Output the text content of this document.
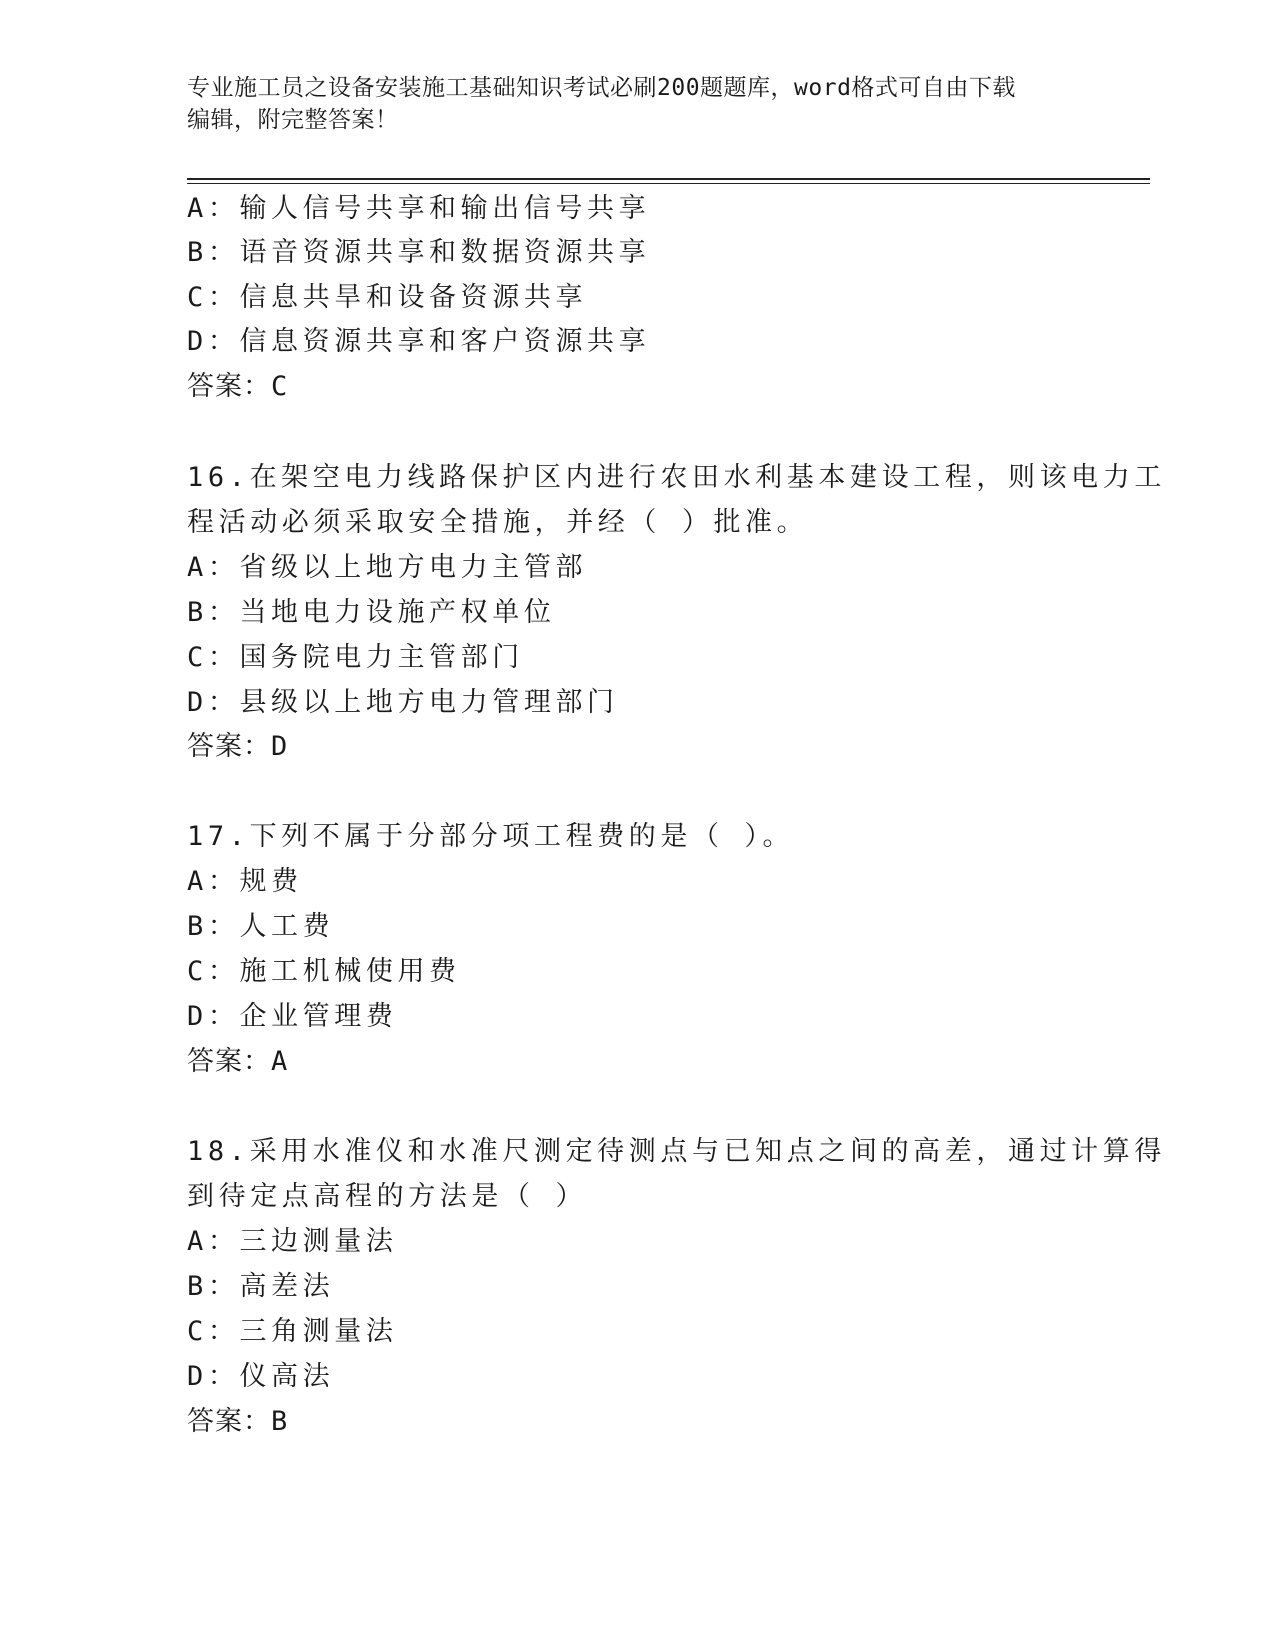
专业施工员之设备安装施工基础知识考试必刷200题题库，word格式可自由下载
编辑，附完整答案！
A：输人信号共享和输出信号共享
B：语音资源共享和数据资源共享
C：信息共旱和设备资源共享
D：信息资源共享和客户资源共享
答案：C
16.在架空电力线路保护区内进行农田水利基本建设工程，则该电力工
程活动必须采取安全措施，并经（ ）批准。
A：省级以上地方电力主管部
B：当地电力设施产权单位
C：国务院电力主管部门
D：县级以上地方电力管理部门
答案：D
17.下列不属于分部分项工程费的是（ ）。
A：规费
B：人工费
C：施工机械使用费
D：企业管理费
答案：A
18.采用水准仪和水准尺测定待测点与已知点之间的高差，通过计算得
到待定点高程的方法是（ ）
A：三边测量法
B：高差法
C：三角测量法
D：仪高法
答案：B
